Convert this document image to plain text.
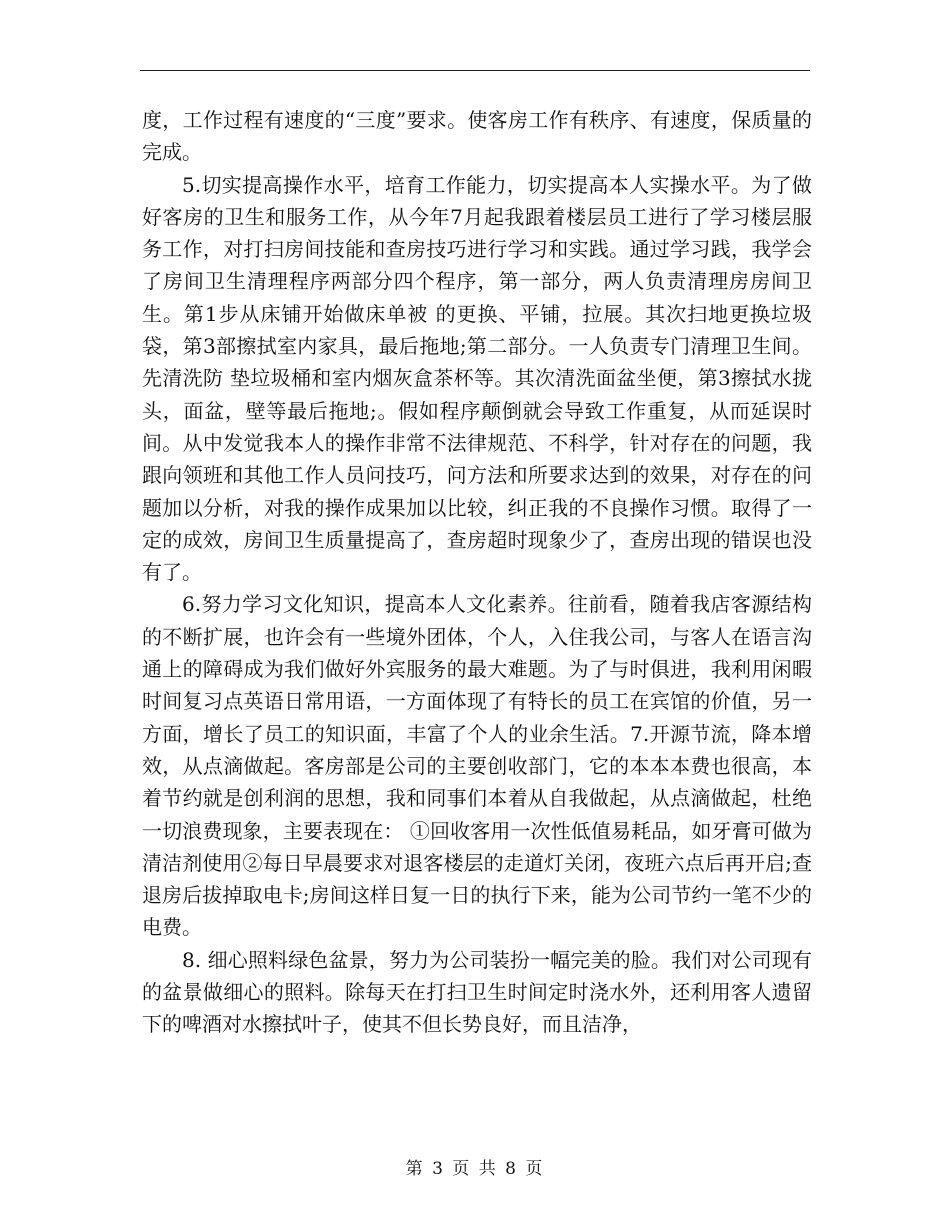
度，工作过程有速度的“三度”要求。使客房工作有秩序、有速度，保质量的完成。

5.切实提高操作水平，培育工作能力，切实提高本人实操水平。为了做好客房的卫生和服务工作，从今年7月起我跟着楼层员工进行了学习楼层服务工作，对打扫房间技能和查房技巧进行学习和实践。通过学习践，我学会了房间卫生清理程序两部分四个程序，第一部分，两人负责清理房房间卫生。第1步从床铺开始做床单被 的更换、平铺，拉展。其次扫地更换垃圾袋，第3部擦拭室内家具，最后拖地;第二部分。一人负责专门清理卫生间。先清洗防 垫垃圾桶和室内烟灰盒茶杯等。其次清洗面盆坐便，第3擦拭水拢头，面盆，壁等最后拖地;。假如程序颠倒就会导致工作重复，从而延误时间。从中发觉我本人的操作非常不法律规范、不科学，针对存在的问题，我跟向领班和其他工作人员问技巧，问方法和所要求达到的效果，对存在的问题加以分析，对我的操作成果加以比较，纠正我的不良操作习惯。取得了一定的成效，房间卫生质量提高了，查房超时现象少了，查房出现的错误也没有了。

6.努力学习文化知识，提高本人文化素养。往前看，随着我店客源结构的不断扩展，也许会有一些境外团体，个人，入住我公司，与客人在语言沟通上的障碍成为我们做好外宾服务的最大难题。为了与时俱进，我利用闲暇时间复习点英语日常用语，一方面体现了有特长的员工在宾馆的价值，另一方面，增长了员工的知识面，丰富了个人的业余生活。7.开源节流，降本增效，从点滴做起。客房部是公司的主要创收部门，它的本本本费也很高，本着节约就是创利润的思想，我和同事们本着从自我做起，从点滴做起，杜绝一切浪费现象，主要表现在： ①回收客用一次性低值易耗品，如牙膏可做为清洁剂使用②每日早晨要求对退客楼层的走道灯关闭，夜班六点后再开启;查退房后拔掉取电卡;房间这样日复一日的执行下来，能为公司节约一笔不少的电费。

8. 细心照料绿色盆景，努力为公司装扮一幅完美的脸。我们对公司现有的盆景做细心的照料。除每天在打扫卫生时间定时浇水外，还利用客人遗留下的啤酒对水擦拭叶子，使其不但长势良好，而且洁净，

第 3 页 共 8 页
